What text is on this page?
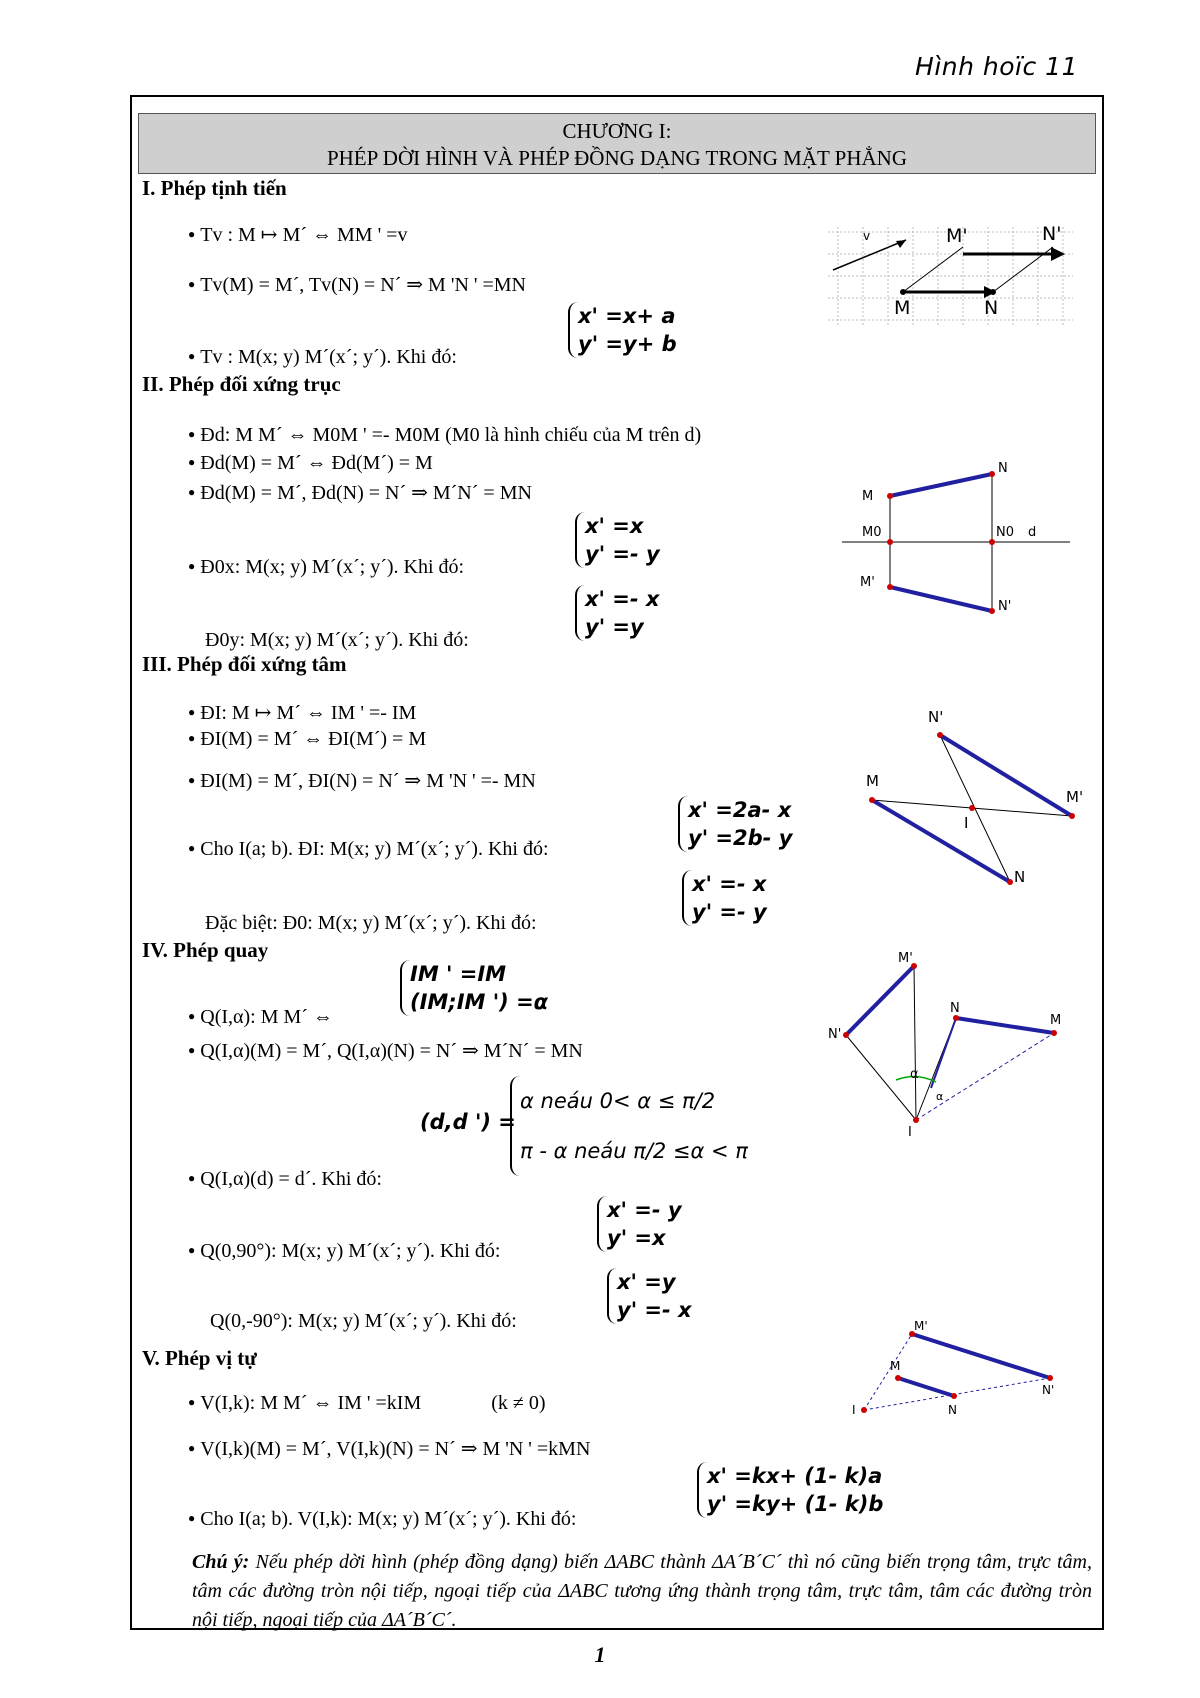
Hình hoïc 11
CHƯƠNG I:
PHÉP DỜI HÌNH VÀ PHÉP ĐỒNG DẠNG TRONG MẶT PHẲNG
I. Phép tịnh tiến
● Tv : M ↦ M´ ⇔ MM ' =v
● Tv(M) = M´, Tv(N) = N´ ⇒ M 'N ' =MN
● Tv : M(x; y) M´(x´; y´). Khi đó:
x' =x+ a
y' =y+ b
v
M	N
M'	N'
II. Phép đối xứng trục
● Đd: M M´ ⇔ M0M ' =- M0M (M0 là hình chiếu của M trên d)
● Đd(M) = M´ ⇔ Đd(M´) = M
● Đd(M) = M´, Đd(N) = N´ ⇒ M´N´ = MN
● Đ0x: M(x; y) M´(x´; y´). Khi đó:
x' =x
y' =- y
Đ0y: M(x; y) M´(x´; y´). Khi đó:
x' =- x
y' =y
M
N
M0	N0 d
M'
N'
III. Phép đối xứng tâm
● ĐI: M ↦ M´ ⇔ IM ' =- IM
● ĐI(M) = M´ ⇔ ĐI(M´) = M
● ĐI(M) = M´, ĐI(N) = N´ ⇒ M 'N ' =- MN
● Cho I(a; b). ĐI: M(x; y) M´(x´; y´). Khi đó:
x' =2a- x
y' =2b- y
Đặc biệt: Đ0: M(x; y) M´(x´; y´). Khi đó:
x' =- x
y' =- y
N'
M
I
M'
N
IV. Phép quay
IM ' =IM
(IM;IM ') =α
● Q(I,α): M M´ ⇔
● Q(I,α)(M) = M´, Q(I,α)(N) = N´ ⇒ M´N´ = MN
(d,d ') =
α neáu 0< α ≤ π/2
π - α neáu π/2 ≤α < π
● Q(I,α)(d) = d´. Khi đó:
● Q(0,90°): M(x; y) M´(x´; y´). Khi đó:
x' =- y
y' =x
Q(0,-90°): M(x; y) M´(x´; y´). Khi đó:
x' =y
y' =- x
M'
N'
N
M
I
α
α
V. Phép vị tự
● V(I,k): M M´ ⇔ IM ' =kIM	(k ≠ 0)
● V(I,k)(M) = M´, V(I,k)(N) = N´ ⇒ M 'N ' =kMN
● Cho I(a; b). V(I,k): M(x; y) M´(x´; y´). Khi đó:
x' =kx+ (1- k)a
y' =ky+ (1- k)b
M'
M
I	N
N'
Chú ý: Nếu phép dời hình (phép đồng dạng) biến ΔABC thành ΔA´B´C´ thì nó cũng biến trọng tâm, trực tâm, tâm các đường tròn nội tiếp, ngoại tiếp của ΔABC tương ứng thành trọng tâm, trực tâm, tâm các đường tròn nội tiếp, ngoại tiếp của ΔA´B´C´.
1
